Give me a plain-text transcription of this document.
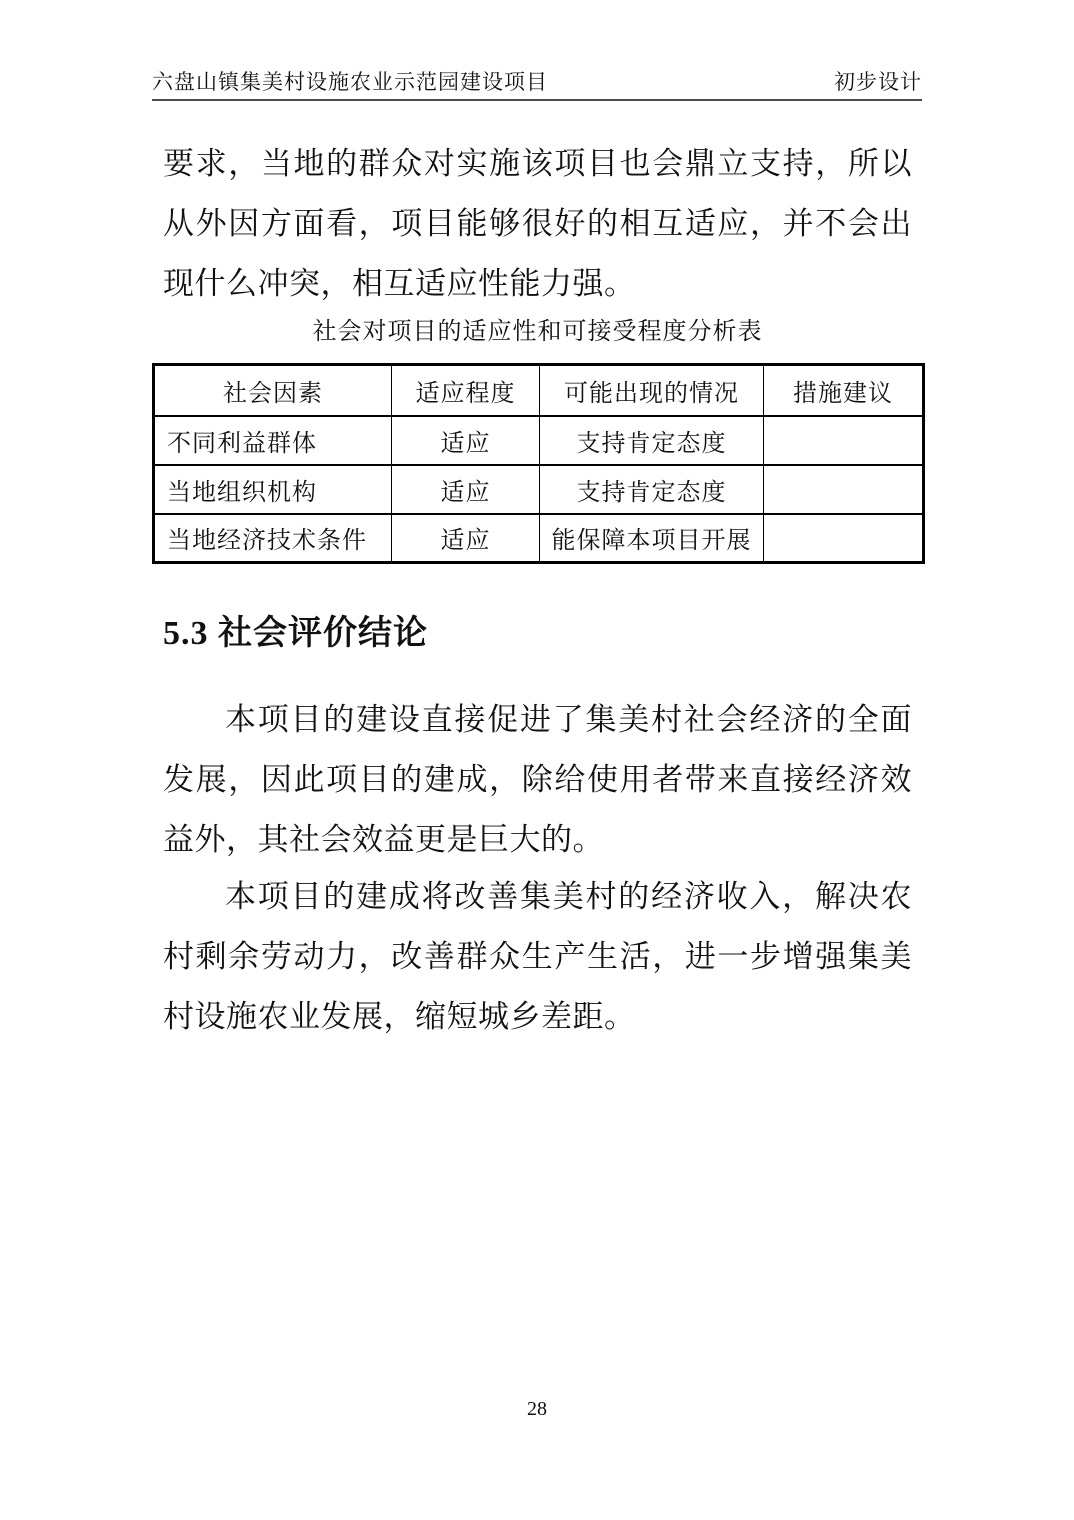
六盘山镇集美村设施农业示范园建设项目	初步设计

要求，当地的群众对实施该项目也会鼎立支持，所以从外因方面看，项目能够很好的相互适应，并不会出现什么冲突，相互适应性能力强。

社会对项目的适应性和可接受程度分析表
社会因素	适应程度	可能出现的情况	措施建议
不同利益群体	适应	支持肯定态度	
当地组织机构	适应	支持肯定态度	
当地经济技术条件	适应	能保障本项目开展	
5.3 社会评价结论

本项目的建设直接促进了集美村社会经济的全面发展，因此项目的建成，除给使用者带来直接经济效益外，其社会效益更是巨大的。

本项目的建成将改善集美村的经济收入，解决农村剩余劳动力，改善群众生产生活，进一步增强集美村设施农业发展，缩短城乡差距。

28
